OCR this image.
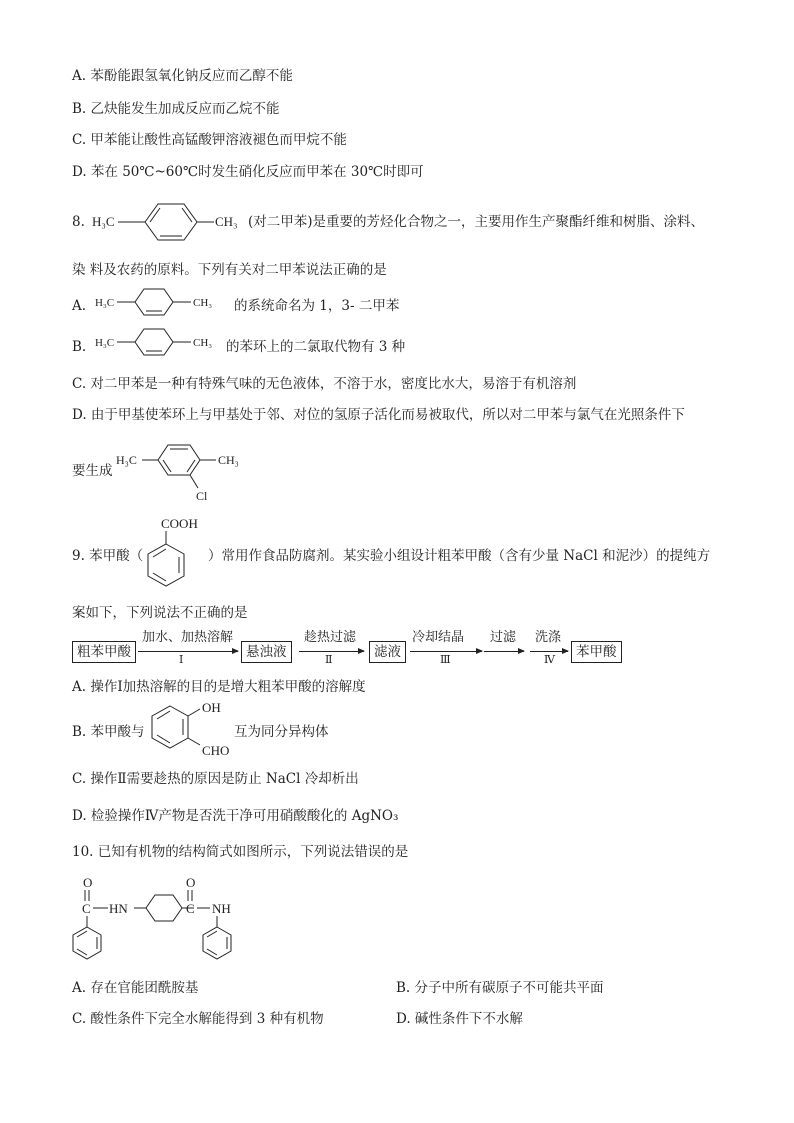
A. 苯酚能跟氢氧化钠反应而乙醇不能
B. 乙炔能发生加成反应而乙烷不能
C. 甲苯能让酸性高锰酸钾溶液褪色而甲烷不能
D. 苯在 50℃~60℃时发生硝化反应而甲苯在 30℃时即可
8. H₃C	CH₃ (对二甲苯)是重要的芳烃化合物之一，主要用作生产聚酯纤维和树脂、涂料、
染 料及农药的原料。下列有关对二甲苯说法正确的是
A. H₃C	CH₃ 的系统命名为 1，3- 二甲苯
B. H₃C	CH₃ 的苯环上的二氯取代物有 3 种
C. 对二甲苯是一种有特殊气味的无色液体，不溶于水，密度比水大，易溶于有机溶剂
D. 由于甲基使苯环上与甲基处于邻、对位的氢原子活化而易被取代，所以对二甲苯与氯气在光照条件下
要生成
H₃C	CH₃
Cl
9. 苯甲酸（
COOH
）常用作食品防腐剂。某实验小组设计粗苯甲酸（含有少量 NaCl 和泥沙）的提纯方
案如下，下列说法不正确的是
粗苯甲酸
加水、加热溶解
Ⅰ	悬浊液
趁热过滤
Ⅱ	滤液
冷却结晶
Ⅲ
过滤 洗涤
Ⅳ	苯甲酸
A. 操作Ⅰ加热溶解的目的是增大粗苯甲酸的溶解度
B. 苯甲酸与
OH
CHO
互为同分异构体
C. 操作Ⅱ需要趁热的原因是防止 NaCl 冷却析出
D. 检验操作Ⅳ产物是否洗干净可用硝酸酸化的 AgNO₃
10. 已知有机物的结构简式如图所示，下列说法错误的是
O
C HN
O
C NH
A. 存在官能团酰胺基	B. 分子中所有碳原子不可能共平面
C. 酸性条件下完全水解能得到 3 种有机物	D. 碱性条件下不水解
